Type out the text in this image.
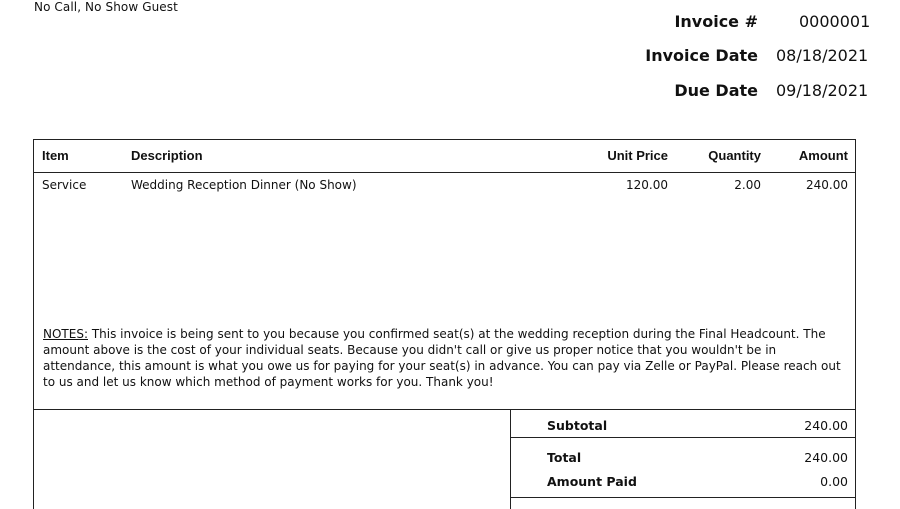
No Call, No Show Guest
Invoice #	0000001
Invoice Date 08/18/2021
Due Date 09/18/2021
Item	Description	Unit Price	Quantity	Amount
Service	Wedding Reception Dinner (No Show)	120.00	2.00	240.00
NOTES: This invoice is being sent to you because you confirmed seat(s) at the wedding reception during the Final Headcount. The amount above is the cost of your individual seats. Because you didn't call or give us proper notice that you wouldn't be in attendance, this amount is what you owe us for paying for your seat(s) in advance. You can pay via Zelle or PayPal. Please reach out to us and let us know which method of payment works for you. Thank you!
Subtotal	240.00
Total	240.00
Amount Paid	0.00
